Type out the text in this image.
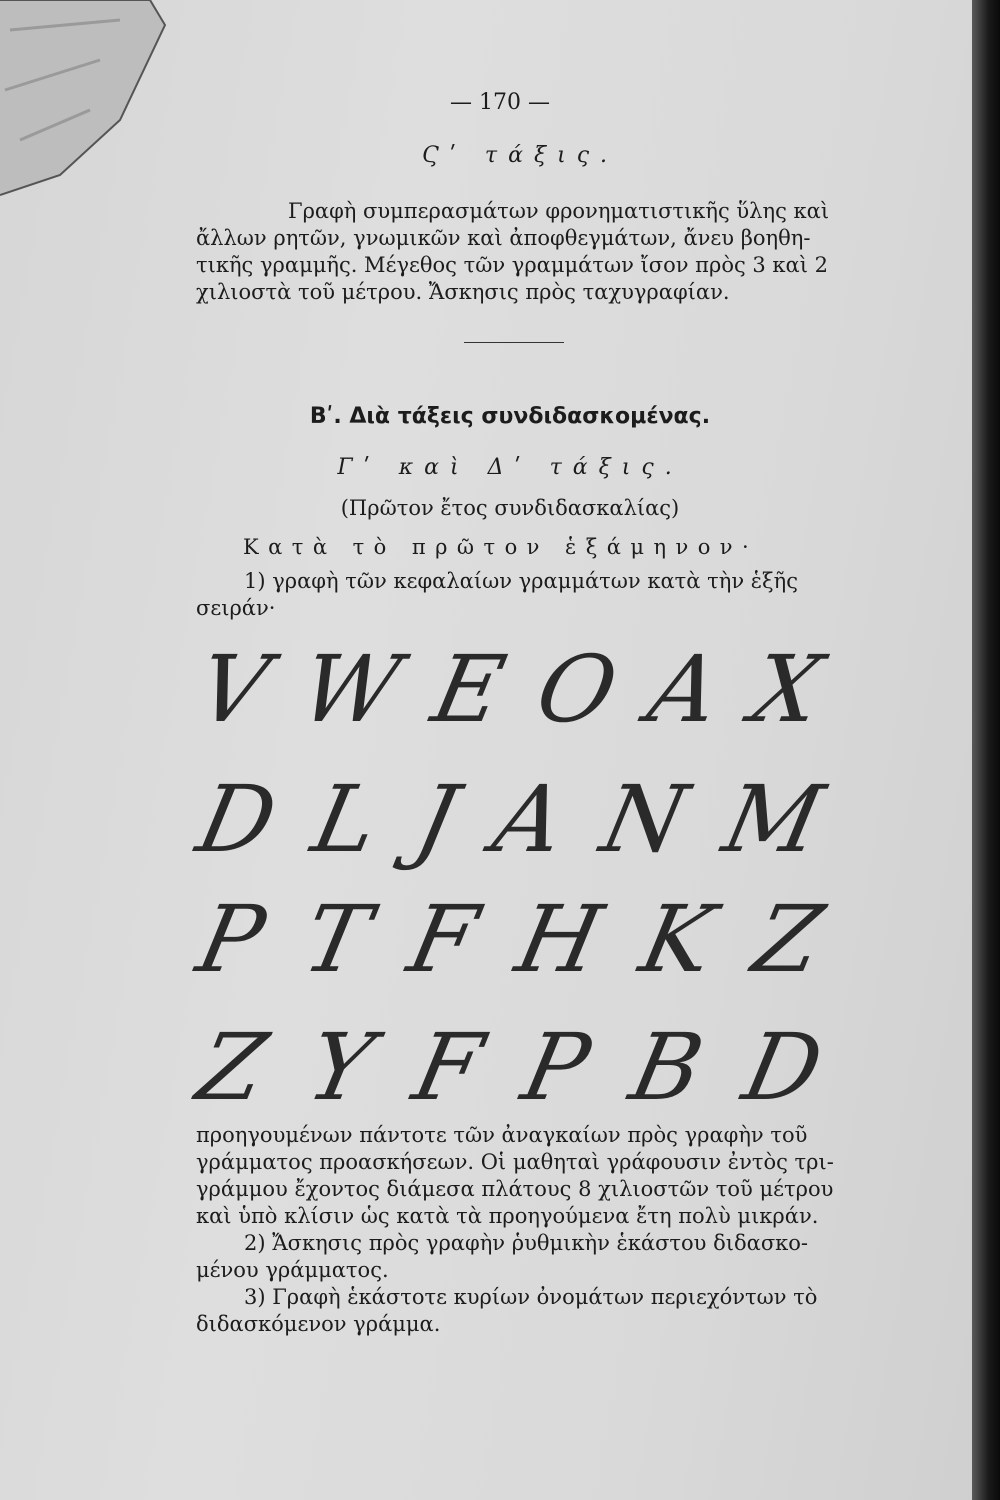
— 170 —
Ϛʹ τάξις.
Γραφὴ συμπερασμάτων φρονηματιστικῆς ὕλης καὶ
ἄλλων ρητῶν, γνωμικῶν καὶ ἀποφθεγμάτων, ἄνευ βοηθη-
τικῆς γραμμῆς. Μέγεθος τῶν γραμμάτων ἴσον πρὸς 3 καὶ 2
χιλιοστὰ τοῦ μέτρου. Ἄσκησις πρὸς ταχυγραφίαν.
Βʹ. Διὰ τάξεις συνδιδασκομένας.
Γʹ καὶ Δʹ τάξις.
(Πρῶτον ἔτος συνδιδασκαλίας)
Κατὰ τὸ πρῶτον ἑξάμηνον·
1) γραφὴ τῶν κεφαλαίων γραμμάτων κατὰ τὴν ἑξῆς
σειράν·
V W E O A X
D L J A N M
P T F H K Z
Z Y F P B D
προηγουμένων πάντοτε τῶν ἀναγκαίων πρὸς γραφὴν τοῦ
γράμματος προασκήσεων. Οἱ μαθηταὶ γράφουσιν ἐντὸς τρι-
γράμμου ἔχοντος διάμεσα πλάτους 8 χιλιοστῶν τοῦ μέτρου
καὶ ὑπὸ κλίσιν ὡς κατὰ τὰ προηγούμενα ἔτη πολὺ μικράν.
2) Ἄσκησις πρὸς γραφὴν ῥυθμικὴν ἑκάστου διδασκο-
μένου γράμματος.
3) Γραφὴ ἑκάστοτε κυρίων ὀνομάτων περιεχόντων τὸ
διδασκόμενον γράμμα.
